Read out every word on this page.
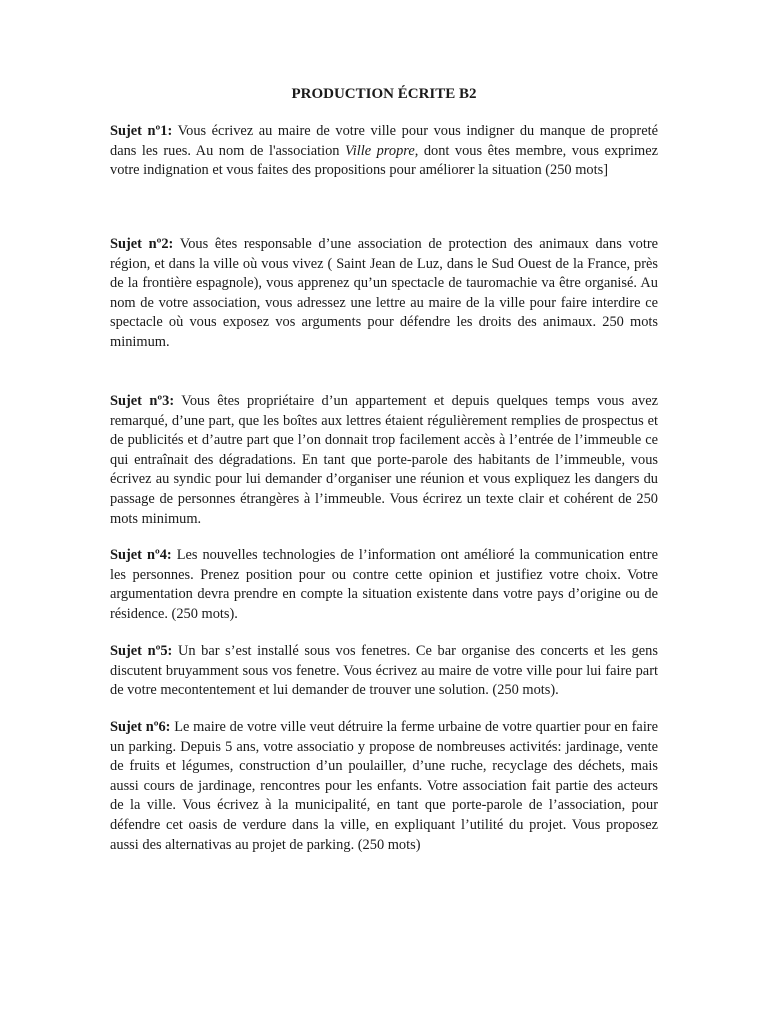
PRODUCTION ÉCRITE B2

Sujet nº1: Vous écrivez au maire de votre ville pour vous indigner du manque de propreté dans les rues. Au nom de l'association Ville propre, dont vous êtes membre, vous exprimez votre indignation et vous faites des propositions pour améliorer la situation (250 mots]

Sujet nº2: Vous êtes responsable d’une association de protection des animaux dans votre région, et dans la ville où vous vivez ( Saint Jean de Luz, dans le Sud Ouest de la France, près de la frontière espagnole), vous apprenez qu’un spectacle de tauromachie va être organisé. Au nom de votre association, vous adressez une lettre au maire de la ville pour faire interdire ce spectacle où vous exposez vos arguments pour défendre les droits des animaux. 250 mots minimum.

Sujet nº3: Vous êtes propriétaire d’un appartement et depuis quelques temps vous avez remarqué, d’une part, que les boîtes aux lettres étaient régulièrement remplies de prospectus et de publicités et d’autre part que l’on donnait trop facilement accès à l’entrée de l’immeuble ce qui entraînait des dégradations. En tant que porte-parole des habitants de l’immeuble, vous écrivez au syndic pour lui demander d’organiser une réunion et vous expliquez les dangers du passage de personnes étrangères à l’immeuble. Vous écrirez un texte clair et cohérent de 250 mots minimum.

Sujet nº4: Les nouvelles technologies de l’information ont amélioré la communication entre les personnes. Prenez position pour ou contre cette opinion et justifiez votre choix. Votre argumentation devra prendre en compte la situation existente dans votre pays d’origine ou de résidence. (250 mots).

Sujet nº5: Un bar s’est installé sous vos fenetres. Ce bar organise des concerts et les gens discutent bruyamment sous vos fenetre. Vous écrivez au maire de votre ville pour lui faire part de votre mecontentement et lui demander de trouver une solution. (250 mots).

Sujet nº6: Le maire de votre ville veut détruire la ferme urbaine de votre quartier pour en faire un parking. Depuis 5 ans, votre associatio y propose de nombreuses activités: jardinage, vente de fruits et légumes, construction d’un poulailler, d’une ruche, recyclage des déchets, mais aussi cours de jardinage, rencontres pour les enfants. Votre association fait partie des acteurs de la ville. Vous écrivez à la municipalité, en tant que porte-parole de l’association, pour défendre cet oasis de verdure dans la ville, en expliquant l’utilité du projet. Vous proposez aussi des alternativas au projet de parking. (250 mots)
